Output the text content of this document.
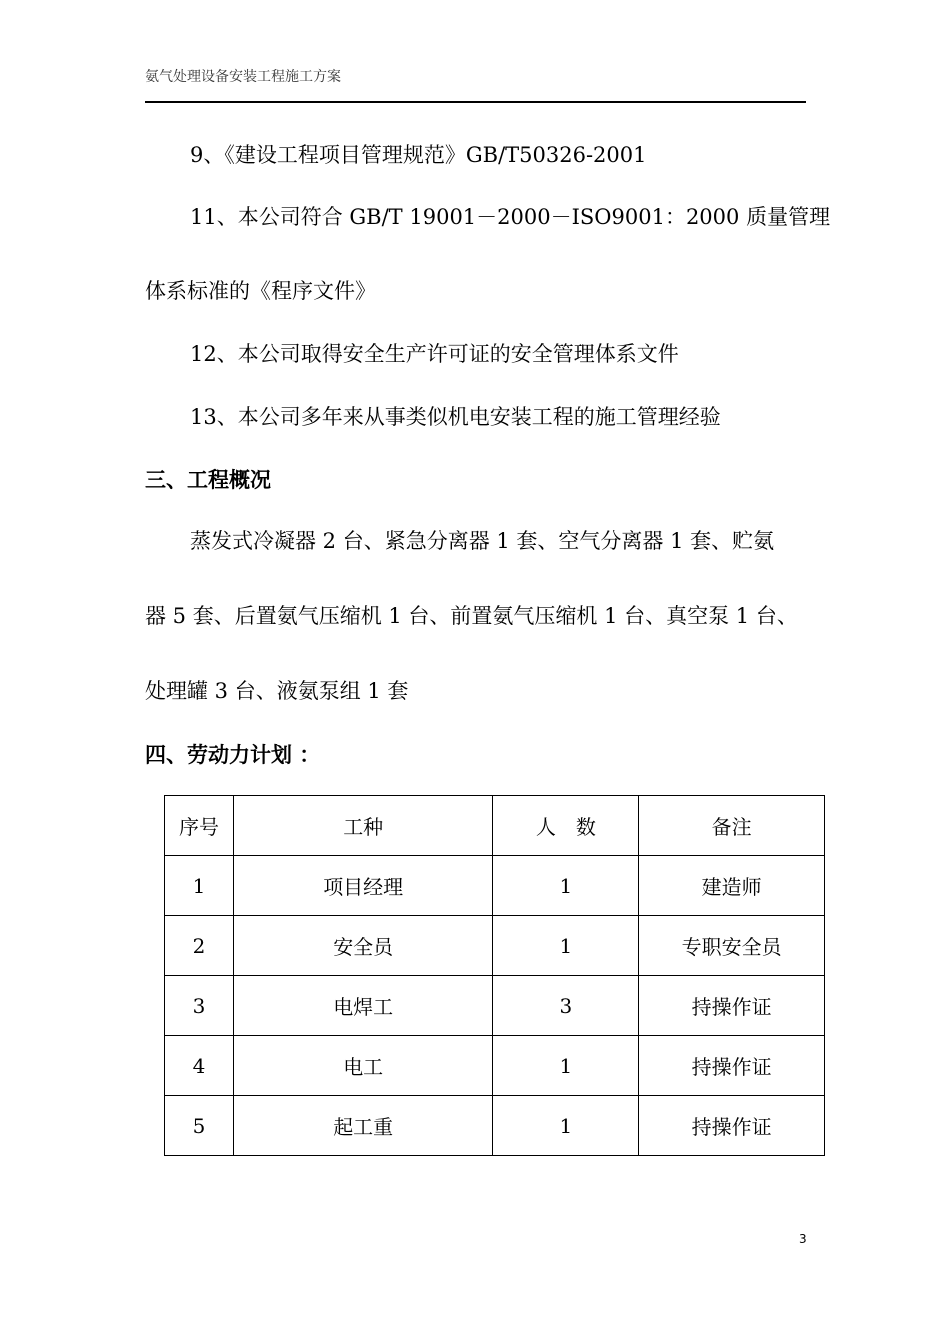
氨气处理设备安装工程施工方案
9、《建设工程项目管理规范》GB/T50326-2001
11、本公司符合 GB/T 19001－2000－ISO9001：2000 质量管理
体系标准的《程序文件》
12、本公司取得安全生产许可证的安全管理体系文件
13、本公司多年来从事类似机电安装工程的施工管理经验
三、工程概况
蒸发式冷凝器 2 台、紧急分离器 1 套、空气分离器 1 套、贮氨
器 5 套、后置氨气压缩机 1 台、前置氨气压缩机 1 台、真空泵 1 台、
处理罐 3 台、液氨泵组 1 套
四、劳动力计划 ：
序号	工种	人　数	备注
1	项目经理	1	建造师
2	安全员	1	专职安全员
3	电焊工	3	持操作证
4	电工	1	持操作证
5	起工重	1	持操作证
3
